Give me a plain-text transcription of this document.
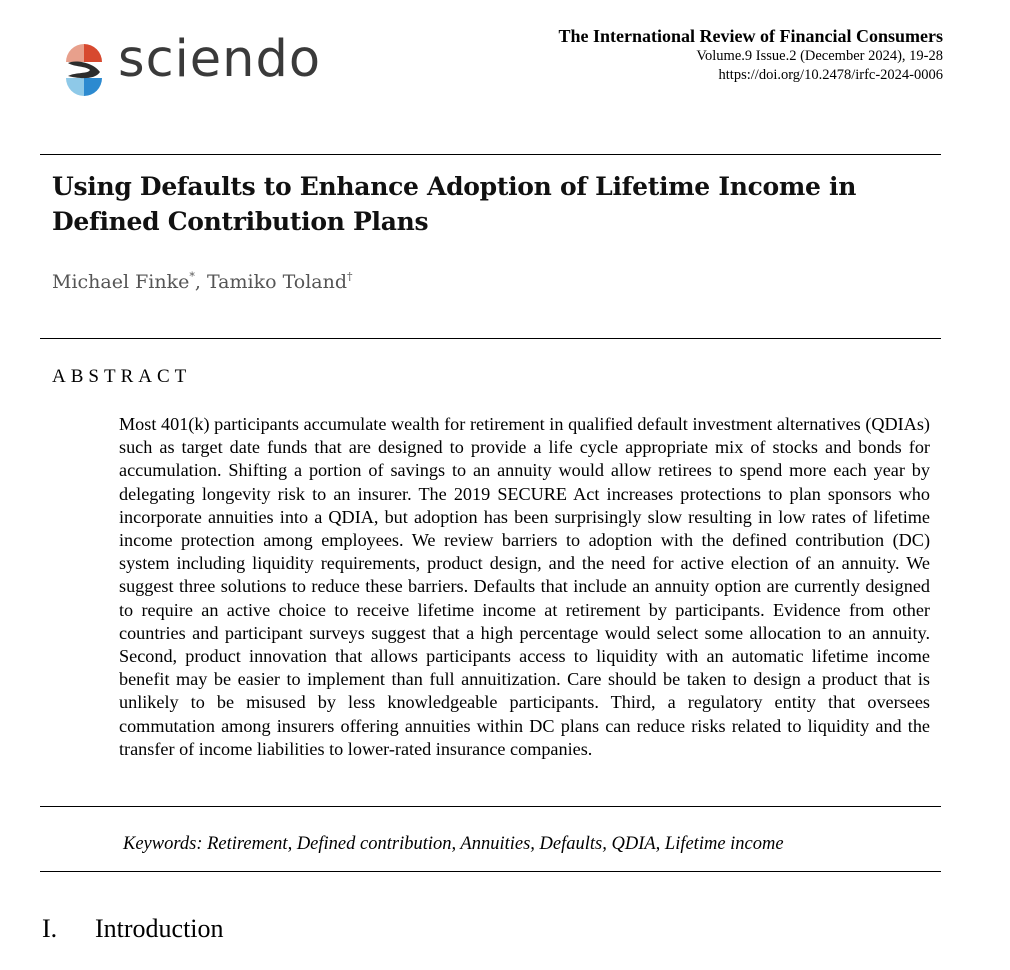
sciendo	The International Review of Financial Consumers
Volume.9 Issue.2 (December 2024), 19-28
https://doi.org/10.2478/irfc-2024-0006
Using Defaults to Enhance Adoption of Lifetime Income in Defined Contribution Plans
Michael Finke*, Tamiko Toland†
ABSTRACT
Most 401(k) participants accumulate wealth for retirement in qualified default investment alternatives (QDIAs) such as target date funds that are designed to provide a life cycle appropriate mix of stocks and bonds for accumulation. Shifting a portion of savings to an annuity would allow retirees to spend more each year by delegating longevity risk to an insurer. The 2019 SECURE Act increases protections to plan sponsors who incorporate annuities into a QDIA, but adoption has been surprisingly slow resulting in low rates of lifetime income protection among employees. We review barriers to adoption with the defined contribution (DC) system including liquidity requirements, product design, and the need for active election of an annuity. We suggest three solutions to reduce these barriers. Defaults that include an annuity option are currently designed to require an active choice to receive lifetime income at retirement by participants. Evidence from other countries and participant surveys suggest that a high percentage would select some allocation to an annuity. Second, product innovation that allows participants access to liquidity with an automatic lifetime income benefit may be easier to implement than full annuitization. Care should be taken to design a product that is unlikely to be misused by less knowledgeable participants. Third, a regulatory entity that oversees commutation among insurers offering annuities within DC plans can reduce risks related to liquidity and the transfer of income liabilities to lower-rated insurance companies.
Keywords: Retirement, Defined contribution, Annuities, Defaults, QDIA, Lifetime income
I. Introduction
